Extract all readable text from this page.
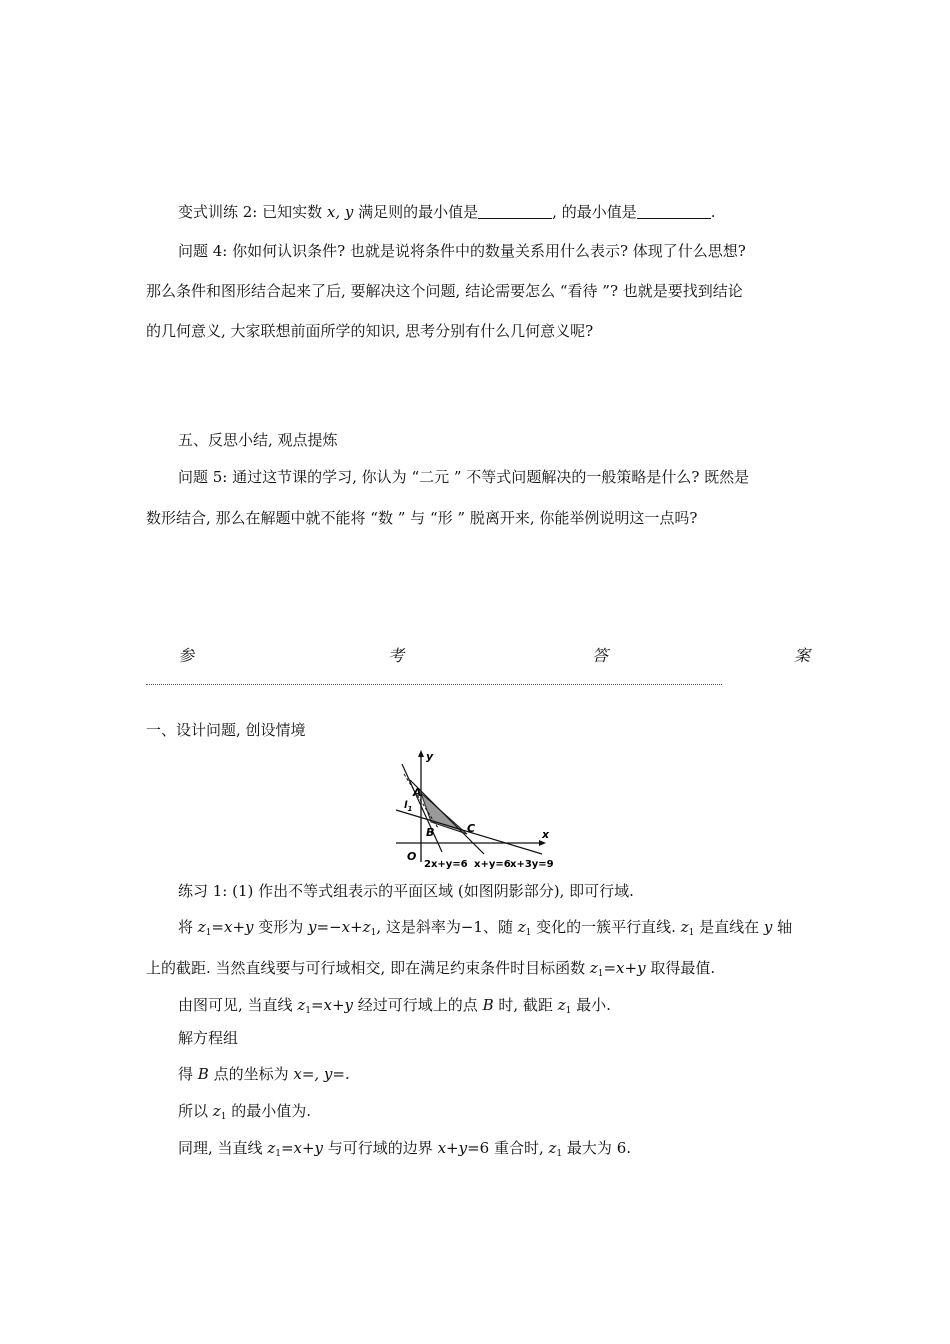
变式训练 2: 已知实数 x, y 满足则的最小值是	, 的最小值是	.
问题 4: 你如何认识条件? 也就是说将条件中的数量关系用什么表示? 体现了什么思想?
那么条件和图形结合起来了后, 要解决这个问题, 结论需要怎么 “看待 ”? 也就是要找到结论
的几何意义, 大家联想前面所学的知识, 思考分别有什么几何意义呢?
五、反思小结, 观点提炼
问题 5: 通过这节课的学习, 你认为 “二元 ” 不等式问题解决的一般策略是什么? 既然是
数形结合, 那么在解题中就不能将 “数 ” 与 “形 ” 脱离开来, 你能举例说明这一点吗?
参	考	答	案
一、设计问题, 创设情境
y
x
O
A
B	C
$l_1$
2x+y=6 x+y=6 x+3y=9
练习 1: (1) 作出不等式组表示的平面区域 (如图阴影部分), 即可行域.
将 $z_1=x+y$ 变形为 $y=-x+z_1$, 这是斜率为−1、随 $z_1$ 变化的一簇平行直线. $z_1$ 是直线在 y 轴
上的截距. 当然直线要与可行域相交, 即在满足约束条件时目标函数 $z_1=x+y$ 取得最值.
由图可见, 当直线 $z_1=x+y$ 经过可行域上的点 B 时, 截距 $z_1$ 最小.
解方程组
得 B 点的坐标为 x=, y=.
所以 $z_1$ 的最小值为.
同理, 当直线 $z_1=x+y$ 与可行域的边界 x+y=6 重合时, $z_1$ 最大为 6.
